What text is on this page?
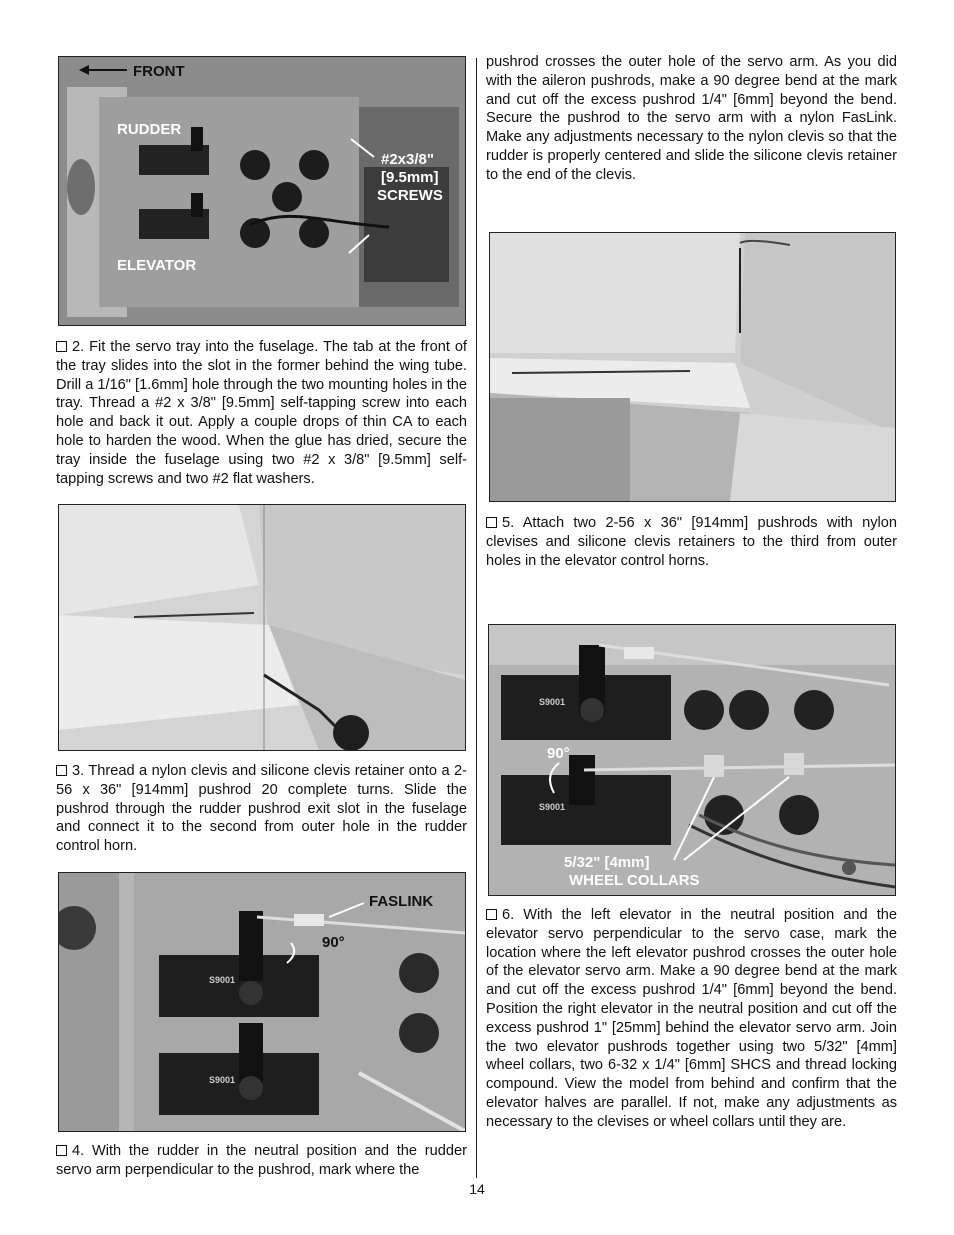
FRONT
RUDDER
ELEVATOR
#2x3/8"
[9.5mm]
SCREWS

2. Fit the servo tray into the fuselage. The tab at the front of the tray slides into the slot in the former behind the wing tube. Drill a 1/16" [1.6mm] hole through the two mounting holes in the tray. Thread a #2 x 3/8" [9.5mm] self-tapping screw into each hole and back it out. Apply a couple drops of thin CA to each hole to harden the wood. When the glue has dried, secure the tray inside the fuselage using two #2 x 3/8" [9.5mm] self-tapping screws and two #2 flat washers.

3. Thread a nylon clevis and silicone clevis retainer onto a 2-56 x 36" [914mm] pushrod 20 complete turns. Slide the pushrod through the rudder pushrod exit slot in the fuselage and connect it to the second from outer hole in the rudder control horn.

S9001
S9001
FASLINK
90°

4. With the rudder in the neutral position and the rudder servo arm perpendicular to the pushrod, mark where the

pushrod crosses the outer hole of the servo arm. As you did with the aileron pushrods, make a 90 degree bend at the mark and cut off the excess pushrod 1/4" [6mm] beyond the bend. Secure the pushrod to the servo arm with a nylon FasLink. Make any adjustments necessary to the nylon clevis so that the rudder is properly centered and slide the silicone clevis retainer to the end of the clevis.

5. Attach two 2-56 x 36" [914mm] pushrods with nylon clevises and silicone clevis retainers to the third from outer holes in the elevator control horns.

S9001
S9001
90°
5/32" [4mm]
WHEEL COLLARS

6. With the left elevator in the neutral position and the elevator servo perpendicular to the servo case, mark the location where the left elevator pushrod crosses the outer hole of the elevator servo arm. Make a 90 degree bend at the mark and cut off the excess pushrod 1/4" [6mm] beyond the bend. Position the right elevator in the neutral position and cut off the excess pushrod 1" [25mm] behind the elevator servo arm. Join the two elevator pushrods together using two 5/32" [4mm] wheel collars, two 6-32 x 1/4" [6mm] SHCS and thread locking compound. View the model from behind and confirm that the elevator halves are parallel. If not, make any adjustments as necessary to the clevises or wheel collars until they are.

14
